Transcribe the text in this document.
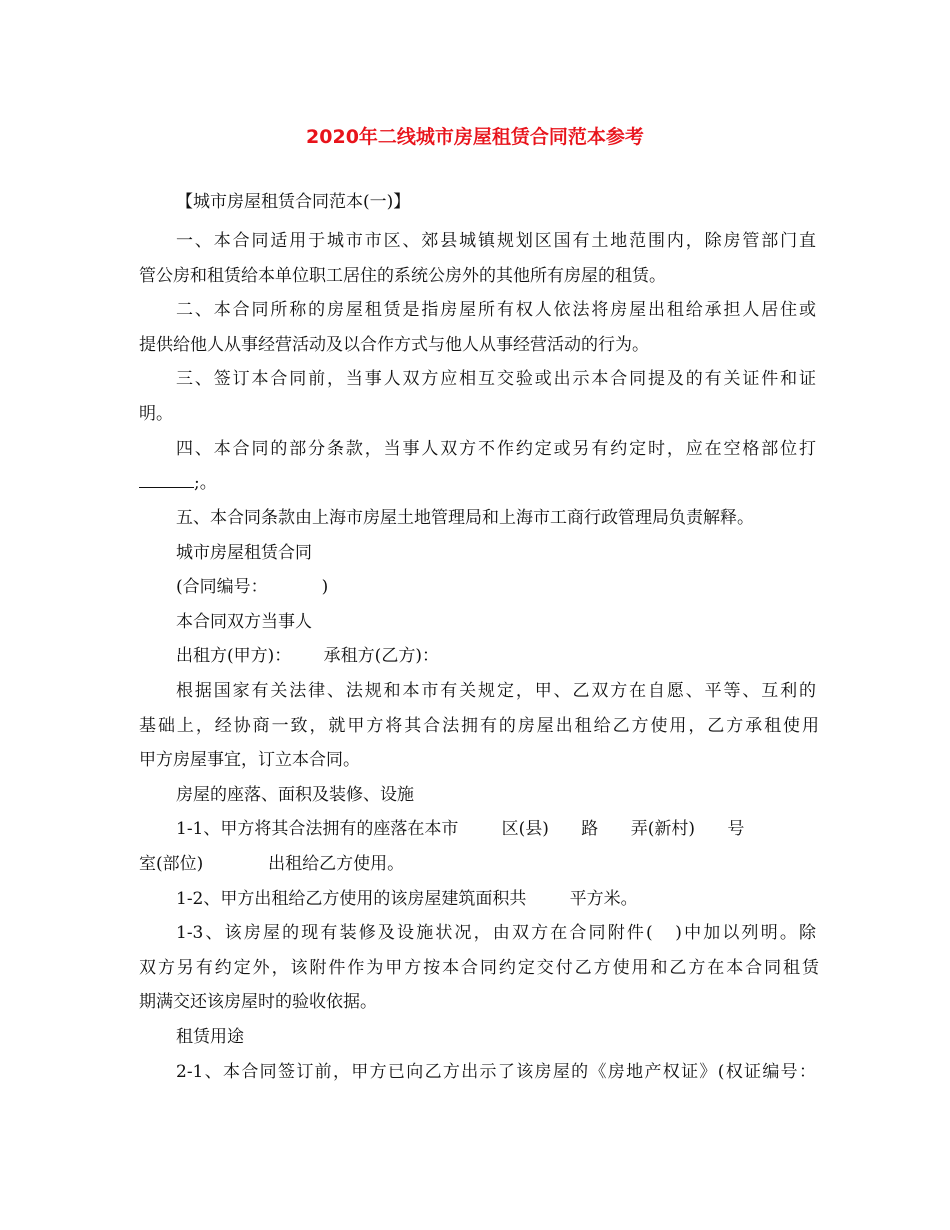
2020年二线城市房屋租赁合同范本参考
【城市房屋租赁合同范本(一)】
一、本合同适用于城市市区、郊县城镇规划区国有土地范围内，除房管部门直
管公房和租赁给本单位职工居住的系统公房外的其他所有房屋的租赁。
二、本合同所称的房屋租赁是指房屋所有权人依法将房屋出租给承担人居住或
提供给他人从事经营活动及以合作方式与他人从事经营活动的行为。
三、签订本合同前，当事人双方应相互交验或出示本合同提及的有关证件和证
明。
四、本合同的部分条款，当事人双方不作约定或另有约定时，应在空格部位打
;。
五、本合同条款由上海市房屋土地管理局和上海市工商行政管理局负责解释。
城市房屋租赁合同
(合同编号：          )
本合同双方当事人
出租方(甲方)：      承租方(乙方)：
根据国家有关法律、法规和本市有关规定，甲、乙双方在自愿、平等、互利的
基础上，经协商一致，就甲方将其合法拥有的房屋出租给乙方使用，乙方承租使用
甲方房屋事宜，订立本合同。
房屋的座落、面积及装修、设施
1-1、甲方将其合法拥有的座落在本市        区(县)      路      弄(新村)      号
室(部位)            出租给乙方使用。
1-2、甲方出租给乙方使用的该房屋建筑面积共        平方米。
1-3、该房屋的现有装修及设施状况，由双方在合同附件(   )中加以列明。除
双方另有约定外，该附件作为甲方按本合同约定交付乙方使用和乙方在本合同租赁
期满交还该房屋时的验收依据。
租赁用途
2-1、本合同签订前，甲方已向乙方出示了该房屋的《房地产权证》(权证编号：
